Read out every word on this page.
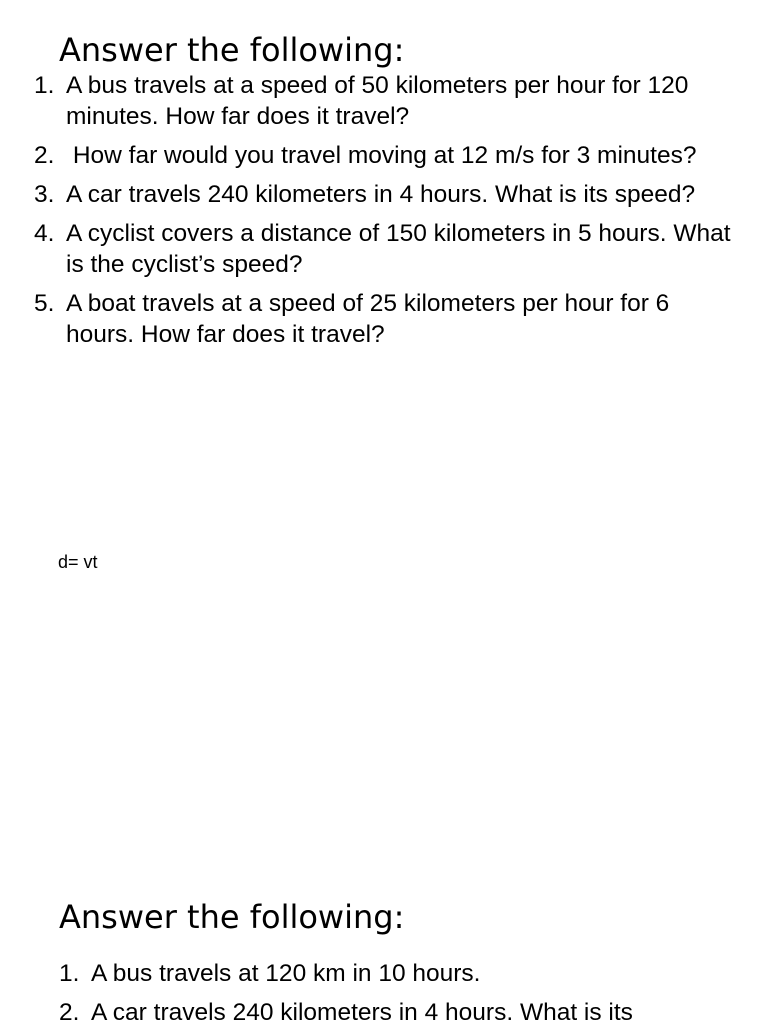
Answer the following:
1. A bus travels at a speed of 50 kilometers per hour for 120 minutes. How far does it travel?
2. How far would you travel moving at 12 m/s for 3 minutes?
3. A car travels 240 kilometers in 4 hours. What is its speed?
4. A cyclist covers a distance of 150 kilometers in 5 hours. What is the cyclist’s speed?
5. A boat travels at a speed of 25 kilometers per hour for 6 hours. How far does it travel?

d= vt

Answer the following:
1. A bus travels at 120 km in 10 hours.
2. A car travels 240 kilometers in 4 hours. What is its
